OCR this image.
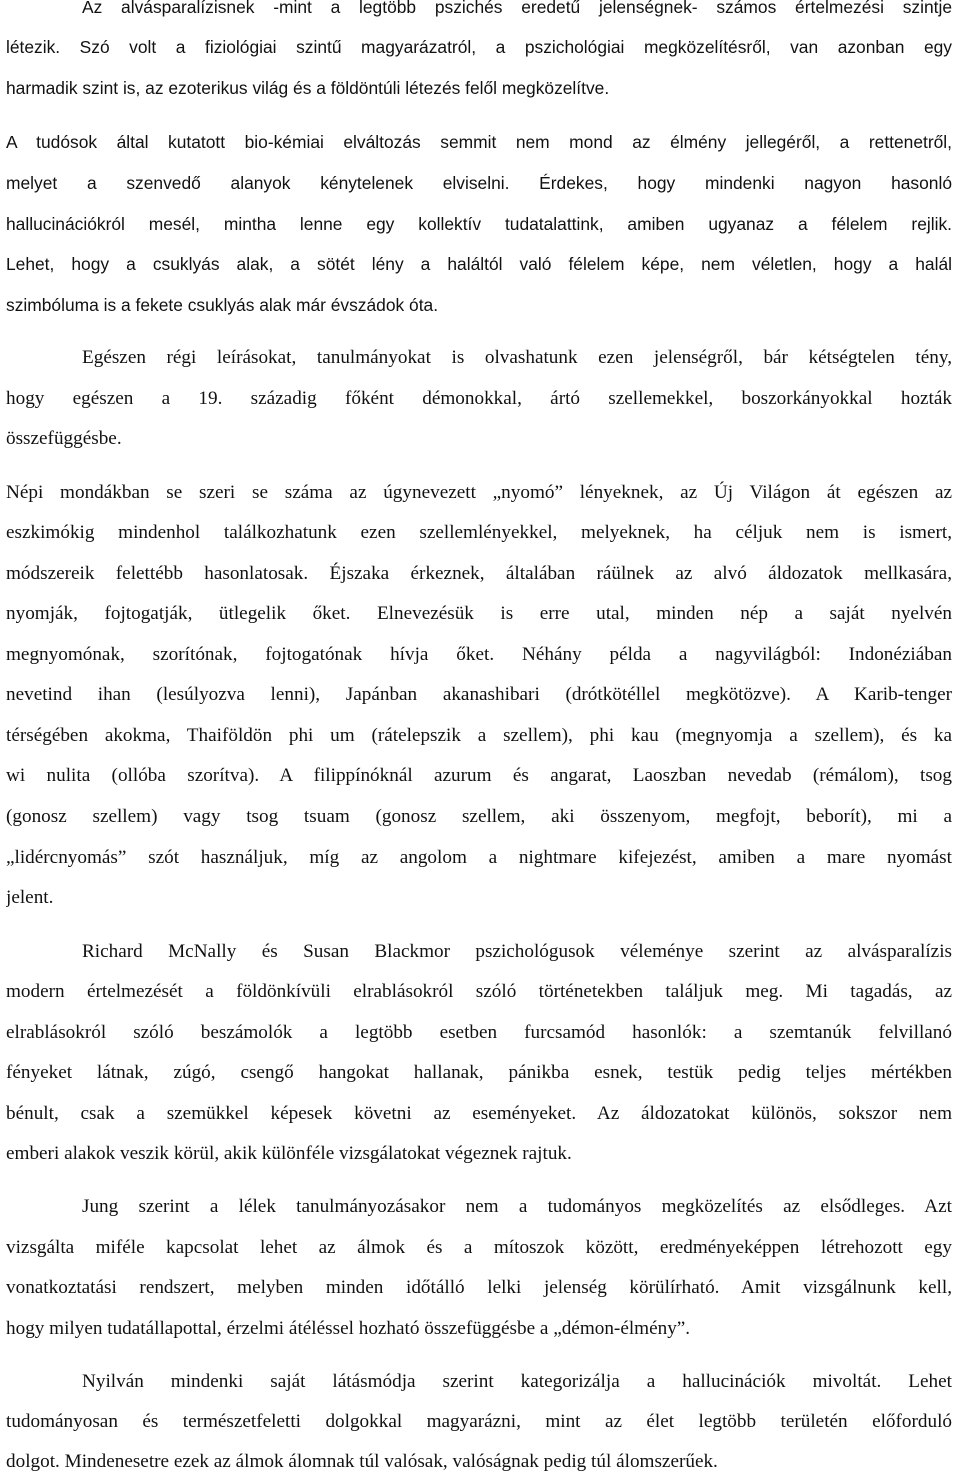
Az alvásparalízisnek -mint a legtöbb pszichés eredetű jelenségnek- számos értelmezési szintje
létezik. Szó volt a fiziológiai szintű magyarázatról, a pszichológiai megközelítésről, van azonban egy
harmadik szint is, az ezoterikus világ és a földöntúli létezés felől megközelítve.
A tudósok által kutatott bio-kémiai elváltozás semmit nem mond az élmény jellegéről, a rettenetről,
melyet a szenvedő alanyok kénytelenek elviselni. Érdekes, hogy mindenki nagyon hasonló
hallucinációkról mesél, mintha lenne egy kollektív tudatalattink, amiben ugyanaz a félelem rejlik.
Lehet, hogy a csuklyás alak, a sötét lény a haláltól való félelem képe, nem véletlen, hogy a halál
szimbóluma is a fekete csuklyás alak már évszádok óta.
Egészen régi leírásokat, tanulmányokat is olvashatunk ezen jelenségről, bár kétségtelen tény,
hogy egészen a 19. századig főként démonokkal, ártó szellemekkel, boszorkányokkal hozták
összefüggésbe.
Népi mondákban se szeri se száma az úgynevezett „nyomó” lényeknek, az Új Világon át egészen az
eszkimókig mindenhol találkozhatunk ezen szellemlényekkel, melyeknek, ha céljuk nem is ismert,
módszereik felettébb hasonlatosak. Éjszaka érkeznek, általában ráülnek az alvó áldozatok mellkasára,
nyomják, fojtogatják, ütlegelik őket. Elnevezésük is erre utal, minden nép a saját nyelvén
megnyomónak, szorítónak, fojtogatónak hívja őket. Néhány példa a nagyvilágból: Indonéziában
nevetind ihan (lesúlyozva lenni), Japánban akanashibari (drótkötéllel megkötözve). A Karib-tenger
térségében akokma, Thaiföldön phi um (rátelepszik a szellem), phi kau (megnyomja a szellem), és ka
wi nulita (ollóba szorítva). A filippínóknál azurum és angarat, Laoszban nevedab (rémálom), tsog
(gonosz szellem) vagy tsog tsuam (gonosz szellem, aki összenyom, megfojt, beborít), mi a
„lidércnyomás” szót használjuk, míg az angolom a nightmare kifejezést, amiben a mare nyomást
jelent.
Richard McNally és Susan Blackmor pszichológusok véleménye szerint az alvásparalízis
modern értelmezését a földönkívüli elrablásokról szóló történetekben találjuk meg. Mi tagadás, az
elrablásokról szóló beszámolók a legtöbb esetben furcsamód hasonlók: a szemtanúk felvillanó
fényeket látnak, zúgó, csengő hangokat hallanak, pánikba esnek, testük pedig teljes mértékben
bénult, csak a szemükkel képesek követni az eseményeket. Az áldozatokat különös, sokszor nem
emberi alakok veszik körül, akik különféle vizsgálatokat végeznek rajtuk.
Jung szerint a lélek tanulmányozásakor nem a tudományos megközelítés az elsődleges. Azt
vizsgálta miféle kapcsolat lehet az álmok és a mítoszok között, eredményeképpen létrehozott egy
vonatkoztatási rendszert, melyben minden időtálló lelki jelenség körülírható. Amit vizsgálnunk kell,
hogy milyen tudatállapottal, érzelmi átéléssel hozható összefüggésbe a „démon-élmény”.
Nyilván mindenki saját látásmódja szerint kategorizálja a hallucinációk mivoltát. Lehet
tudományosan és természetfeletti dolgokkal magyarázni, mint az élet legtöbb területén előforduló
dolgot. Mindenesetre ezek az álmok álomnak túl valósak, valóságnak pedig túl álomszerűek.
